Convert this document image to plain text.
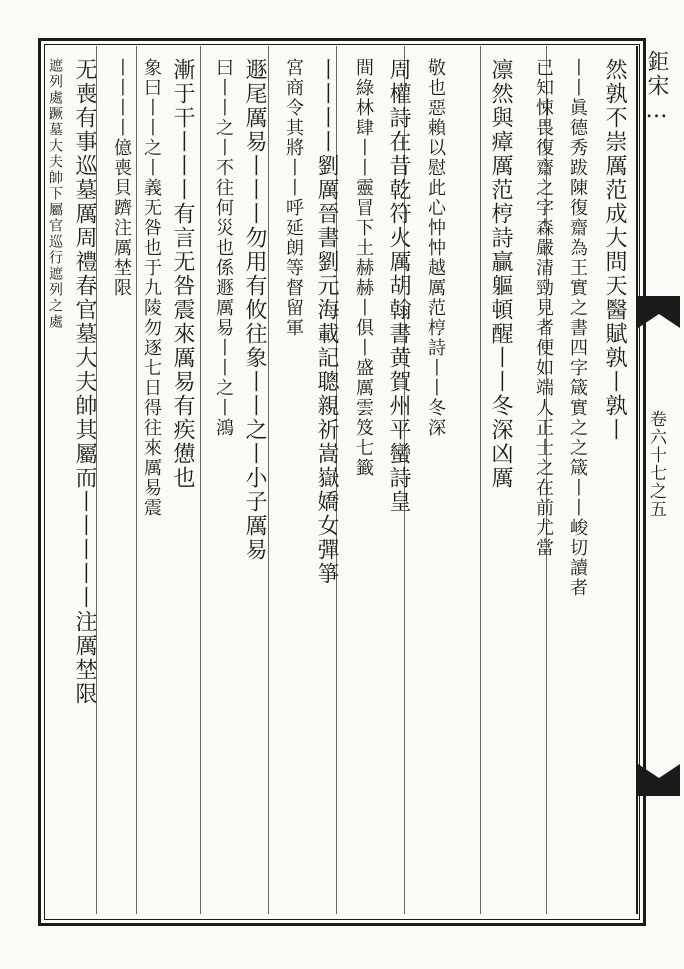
然孰不崇厲范成大問天醫賦孰丨孰丨
丨丨眞德秀跋陳復齋為王實之書四字箴實之之箴丨丨峻切讀者
已知悚畏復齋之字森嚴清勁見者便如端人正士之在前尤當
凛然與瘴厲范梈詩贏軀頓醒丨丨冬深凶厲
敬也惡賴以慰此心忡忡越厲范梈詩丨丨冬深
周權詩在昔乾符火厲胡翰書黄賀州平蠻詩皇
間綠林肆丨丨靈冒下土赫赫丨俱丨盛厲雲笈七籤
丨丨丨丨劉厲晉書劉元海載記聰親祈嵩嶽嬌女彈箏
宮商令其將丨丨呼延朗等督留軍
遯尾厲易丨丨丨勿用有攸往象丨丨之丨小子厲易
曰丨丨之丨不往何災也係遯厲易丨丨之丨鴻
漸于干丨丨丨有言无咎震來厲易有疾憊也
象曰丨丨之丨義无咎也于九陵勿逐七日得往來厲易震
丨丨丨丨億喪貝躋注厲埜限
无喪有事巡墓厲周禮春官墓大夫帥其屬而丨丨丨丨丨注厲埜限
遮列處蹶墓大夫帥下屬官巡行遮列之處	鉅宋…
卷六十七之五
